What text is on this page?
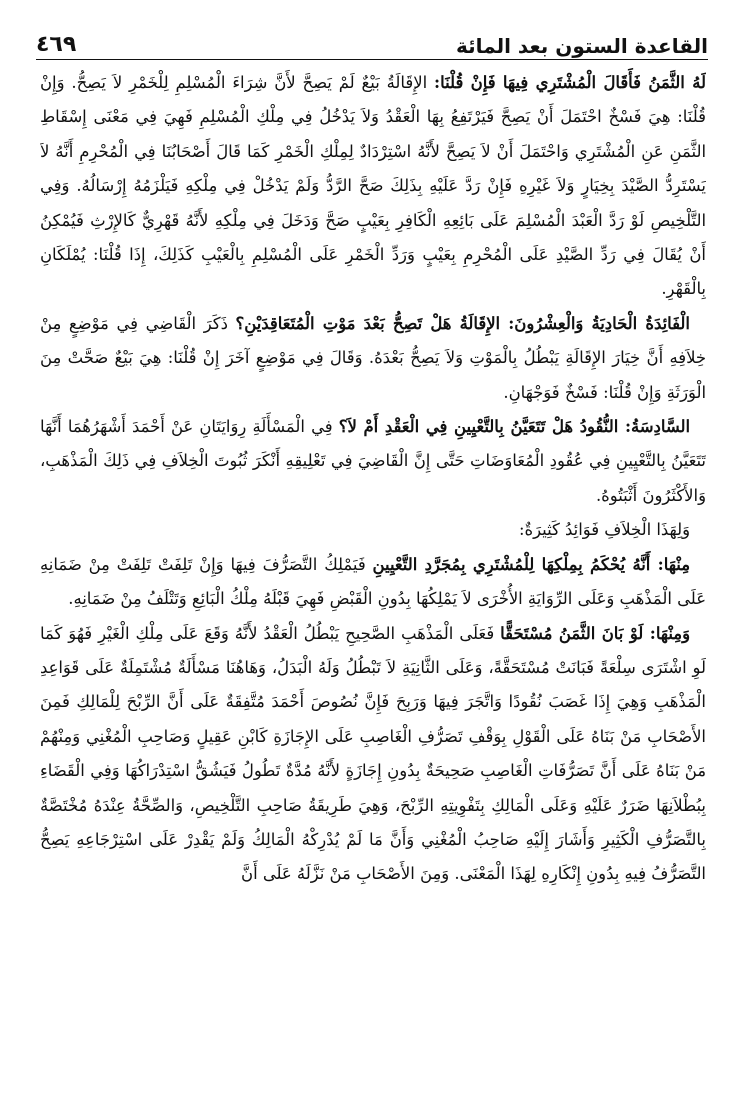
القاعدة الستون بعد المائة
٤٦٩

لَهُ الثَّمَنُ فَأَقَالَ الْمُشْتَرِي فِيهَا فَإِنْ قُلْنَا: الإِقَالَةُ بَيْعٌ لَمْ يَصِحَّ لأَنَّ شِرَاءَ الْمُسْلِمِ لِلْخَمْرِ لاَ يَصِحُّ. وَإِنْ قُلْنَا: هِيَ فَسْخٌ احْتَمَلَ أَنْ يَصِحَّ فَيَرْتَفِعُ بِهَا الْعَقْدُ وَلاَ يَدْخُلُ فِي مِلْكِ الْمُسْلِمِ فَهِيَ فِي مَعْنَى إِسْقَاطِ الثَّمَنِ عَنِ الْمُشْتَرِي وَاحْتَمَلَ أَنْ لاَ يَصِحَّ لأَنَّهُ اسْتِرْدَادٌ لِمِلْكِ الْخَمْرِ كَمَا قَالَ أَصْحَابُنَا فِي الْمُحْرِمِ أَنَّهُ لاَ يَسْتَرِدُّ الصَّيْدَ بِخِيَارٍ وَلاَ غَيْرِهِ فَإِنْ رَدَّ عَلَيْهِ بِذَلِكَ صَحَّ الرَّدُّ وَلَمْ يَدْخُلْ فِي مِلْكِهِ فَيَلْزَمُهُ إِرْسَالُهُ. وَفِي التَّلْخِيصِ لَوْ رَدَّ الْعَبْدَ الْمُسْلِمَ عَلَى بَائِعِهِ الْكَافِرِ بِعَيْبٍ صَحَّ وَدَخَلَ فِي مِلْكِهِ لأَنَّهُ قَهْرِيٌّ كَالإِرْثِ فَيُمْكِنُ أَنْ يُقَالَ فِي رَدِّ الصَّيْدِ عَلَى الْمُحْرِمِ بِعَيْبٍ وَرَدِّ الْخَمْرِ عَلَى الْمُسْلِمِ بِالْعَيْبِ كَذَلِكَ، إِذَا قُلْنَا: يُمْلَكَانِ بِالْقَهْرِ.

الْفَائِدَةُ الْحَادِيَةُ وَالْعِشْرُونَ: الإِقَالَةُ هَلْ تَصِحُّ بَعْدَ مَوْتِ الْمُتَعَاقِدَيْنِ؟ ذَكَرَ الْقَاضِي فِي مَوْضِعٍ مِنْ خِلاَفِهِ أَنَّ خِيَارَ الإِقَالَةِ يَبْطُلُ بِالْمَوْتِ وَلاَ يَصِحُّ بَعْدَهُ. وَقَالَ فِي مَوْضِعٍ آخَرَ إِنْ قُلْنَا: هِيَ بَيْعٌ صَحَّتْ مِنَ الْوَرَثَةِ وَإِنْ قُلْنَا: فَسْخٌ فَوَجْهَانِ.

السَّادِسَةُ: النُّقُودُ هَلْ تَتَعَيَّنُ بِالتَّعْيِينِ فِي الْعَقْدِ أَمْ لاَ؟ فِي الْمَسْأَلَةِ رِوَايَتَانِ عَنْ أَحْمَدَ أَشْهَرُهُمَا أَنَّهَا تَتَعَيَّنُ بِالتَّعْيِينِ فِي عُقُودِ الْمُعَاوَضَاتِ حَتَّى إِنَّ الْقَاضِيَ فِي تَعْلِيقِهِ أَنْكَرَ ثُبُوتَ الْخِلاَفِ فِي ذَلِكَ الْمَذْهَبِ، وَالأَكْثَرُونَ أَثْبَتُوهُ.

وَلِهَذَا الْخِلاَفِ فَوَائِدُ كَثِيرَةٌ:

مِنْهَا: أَنَّهُ يُحْكَمُ بِمِلْكِهَا لِلْمُشْتَرِي بِمُجَرَّدِ التَّعْيِينِ فَيَمْلِكُ التَّصَرُّفَ فِيهَا وَإِنْ تَلِفَتْ تَلِفَتْ مِنْ ضَمَانِهِ عَلَى الْمَذْهَبِ وَعَلَى الرِّوَايَةِ الأُخْرَى لاَ يَمْلِكُهَا بِدُونِ الْقَبْضِ فَهِيَ قَبْلَهُ مِلْكُ الْبَائِعِ وَتَتْلَفُ مِنْ ضَمَانِهِ.

وَمِنْهَا: لَوْ بَانَ الثَّمَنُ مُسْتَحَقًّا فَعَلَى الْمَذْهَبِ الصَّحِيحِ يَبْطُلُ الْعَقْدُ لأَنَّهُ وَقَعَ عَلَى مِلْكِ الْغَيْرِ فَهُوَ كَمَا لَوِ اشْتَرَى سِلْعَةً فَبَانَتْ مُسْتَحَقَّةً، وَعَلَى الثَّانِيَةِ لاَ تَبْطُلُ وَلَهُ الْبَدَلُ، وَهَاهُنَا مَسْأَلَةٌ مُشْتَمِلَةٌ عَلَى قَوَاعِدِ الْمَذْهَبِ وَهِيَ إِذَا غَصَبَ نُقُودًا وَاتَّجَرَ فِيهَا وَرَبِحَ فَإِنَّ نُصُوصَ أَحْمَدَ مُتَّفِقَةٌ عَلَى أَنَّ الرِّبْحَ لِلْمَالِكِ فَمِنَ الأَصْحَابِ مَنْ بَنَاهُ عَلَى الْقَوْلِ بِوَقْفِ تَصَرُّفِ الْغَاصِبِ عَلَى الإِجَازَةِ كَابْنِ عَقِيلٍ وَصَاحِبِ الْمُغْنِي وَمِنْهُمْ مَنْ بَنَاهُ عَلَى أَنَّ تَصَرُّفَاتِ الْغَاصِبِ صَحِيحَةٌ بِدُونِ إِجَازَةٍ لأَنَّهُ مُدَّةٌ تَطُولُ فَيَشُقُّ اسْتِدْرَاكُهَا وَفِي الْقَضَاءِ بِبُطْلاَنِهَا ضَرَرٌ عَلَيْهِ وَعَلَى الْمَالِكِ بِتَفْوِيتِهِ الرِّبْحَ، وَهِيَ طَرِيقَةُ صَاحِبِ التَّلْخِيصِ، وَالصِّحَّةُ عِنْدَهُ مُخْتَصَّةٌ بِالتَّصَرُّفِ الْكَثِيرِ وَأَشَارَ إِلَيْهِ صَاحِبُ الْمُغْنِي وَأَنَّ مَا لَمْ يُدْرِكْهُ الْمَالِكُ وَلَمْ يَقْدِرْ عَلَى اسْتِرْجَاعِهِ يَصِحُّ التَّصَرُّفُ فِيهِ بِدُونِ إِنْكَارِهِ لِهَذَا الْمَعْنَى. وَمِنَ الأَصْحَابِ مَنْ نَزَّلَهُ عَلَى أَنَّ
